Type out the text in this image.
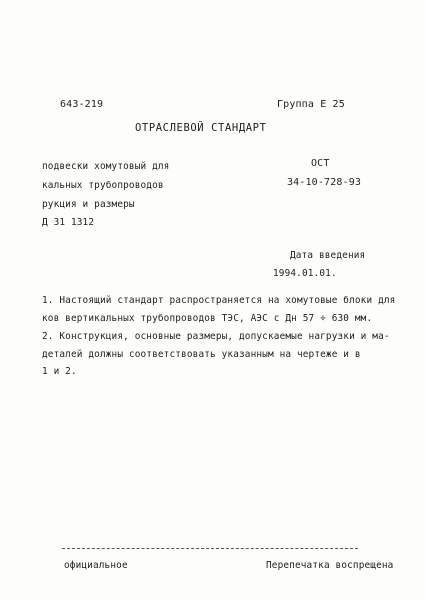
643-219	Группа Е 25
ОТРАСЛЕВОЙ СТАНДАРТ
подвески хомутовый для
кальных трубопроводов
рукция и размеры
Д 31 1312
ОСТ
34-10-728-93
Дата введения
1994.01.01.
1. Настоящий стандарт распространяется на хомутовые блоки для
ков вертикальных трубопроводов ТЭС, АЭС с Дн 57 ÷ 630 мм.
2. Конструкция, основные размеры, допускаемые нагрузки и ма-
деталей должны соответствовать указанным на чертеже и в
1 и 2.
официальное	Перепечатка воспрещена
